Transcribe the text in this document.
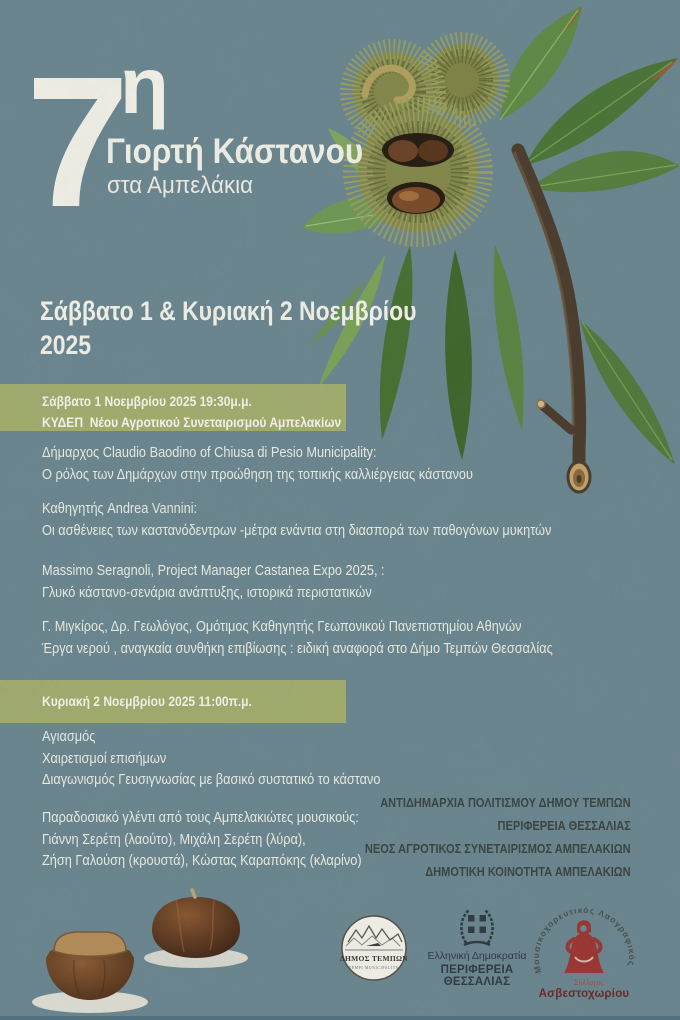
7
η
Γιορτή Κάστανου
στα Αμπελάκια
Σάββατο 1 & Κυριακή 2 Νοεμβρίου
2025
Σάββατο 1 Νοεμβρίου 2025 19:30μ.μ.
ΚΥΔΕΠ  Νέου Αγροτικού Συνεταιρισμού Αμπελακίων
Δήμαρχος Claudio Baodino of Chiusa di Pesio Municipality:
Ο ρόλος των Δημάρχων στην προώθηση της τοπικής καλλιέργειας κάστανου
Καθηγητής Andrea Vannini:
Οι ασθένειες των καστανόδεντρων -μέτρα ενάντια στη διασπορά των παθογόνων μυκητών
Massimo Seragnoli, Project Manager Castanea Expo 2025, :
Γλυκό κάστανο-σενάρια ανάπτυξης, ιστορικά περιστατικών
Γ. Μιγκίρος, Δρ. Γεωλόγος, Ομότιμος Καθηγητής Γεωπονικού Πανεπιστημίου Αθηνών
Έργα νερού , αναγκαία συνθήκη επιβίωσης : ειδική αναφορά στο Δήμο Τεμπών Θεσσαλίας
Κυριακή 2 Νοεμβρίου 2025 11:00π.μ.
Αγιασμός
Χαιρετισμοί επισήμων
Διαγωνισμός Γευσιγνωσίας με βασικό συστατικό το κάστανο
Παραδοσιακό γλέντι από τους Αμπελακιώτες μουσικούς:
Γιάννη Σερέτη (λαούτο), Μιχάλη Σερέτη (λύρα),
Ζήση Γαλούση (κρουστά), Κώστας Καραπόκης (κλαρίνο)
ΑΝΤΙΔΗΜΑΡΧΙΑ ΠΟΛΙΤΙΣΜΟΥ ΔΗΜΟΥ ΤΕΜΠΩΝ
ΠΕΡΙΦΕΡΕΙΑ ΘΕΣΣΑΛΙΑΣ
ΝΕΟΣ ΑΓΡΟΤΙΚΟΣ ΣΥΝΕΤΑΙΡΙΣΜΟΣ ΑΜΠΕΛΑΚΙΩΝ
ΔΗΜΟΤΙΚΗ ΚΟΙΝΟΤΗΤΑ ΑΜΠΕΛΑΚΙΩΝ
ΔΗΜΟΣ ΤΕΜΠΩΝ
TEMPI MUNICIPALITY
Ελληνική Δημοκρατία
ΠΕΡΙΦΕΡΕΙΑ ΘΕΣΣΑΛΙΑΣ
Μουσικοχορευτικός Λαογραφικός
Σύλλογος
Ασβεστοχωρίου
